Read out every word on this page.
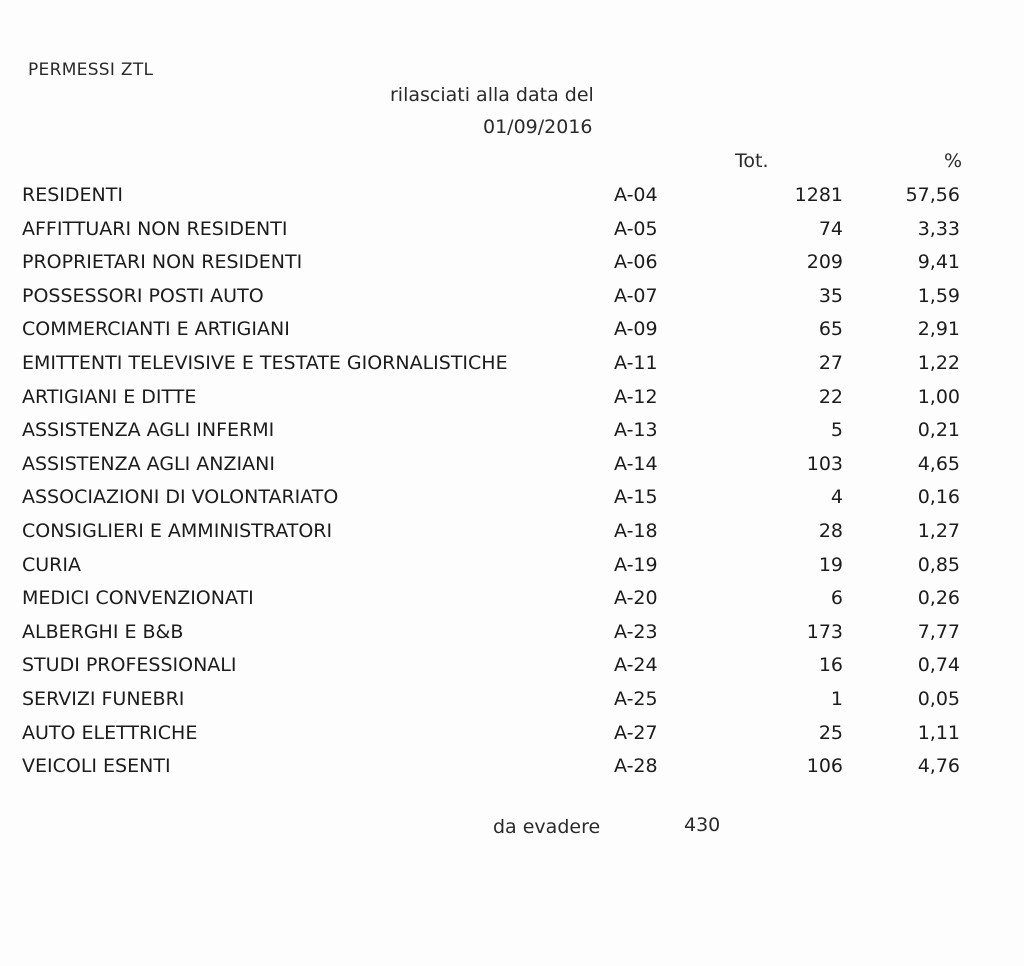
PERMESSI ZTL
rilasciati alla data del
01/09/2016
Tot.	%
RESIDENTI	A-04	1281	57,56
AFFITTUARI NON RESIDENTI	A-05	74	3,33
PROPRIETARI NON RESIDENTI	A-06	209	9,41
POSSESSORI POSTI AUTO	A-07	35	1,59
COMMERCIANTI E ARTIGIANI	A-09	65	2,91
EMITTENTI TELEVISIVE E TESTATE GIORNALISTICHE	A-11	27	1,22
ARTIGIANI E DITTE	A-12	22	1,00
ASSISTENZA AGLI INFERMI	A-13	5	0,21
ASSISTENZA AGLI ANZIANI	A-14	103	4,65
ASSOCIAZIONI DI VOLONTARIATO	A-15	4	0,16
CONSIGLIERI E AMMINISTRATORI	A-18	28	1,27
CURIA	A-19	19	0,85
MEDICI CONVENZIONATI	A-20	6	0,26
ALBERGHI E B&B	A-23	173	7,77
STUDI PROFESSIONALI	A-24	16	0,74
SERVIZI FUNEBRI	A-25	1	0,05
AUTO ELETTRICHE	A-27	25	1,11
VEICOLI ESENTI	A-28	106	4,76
da evadere	430
